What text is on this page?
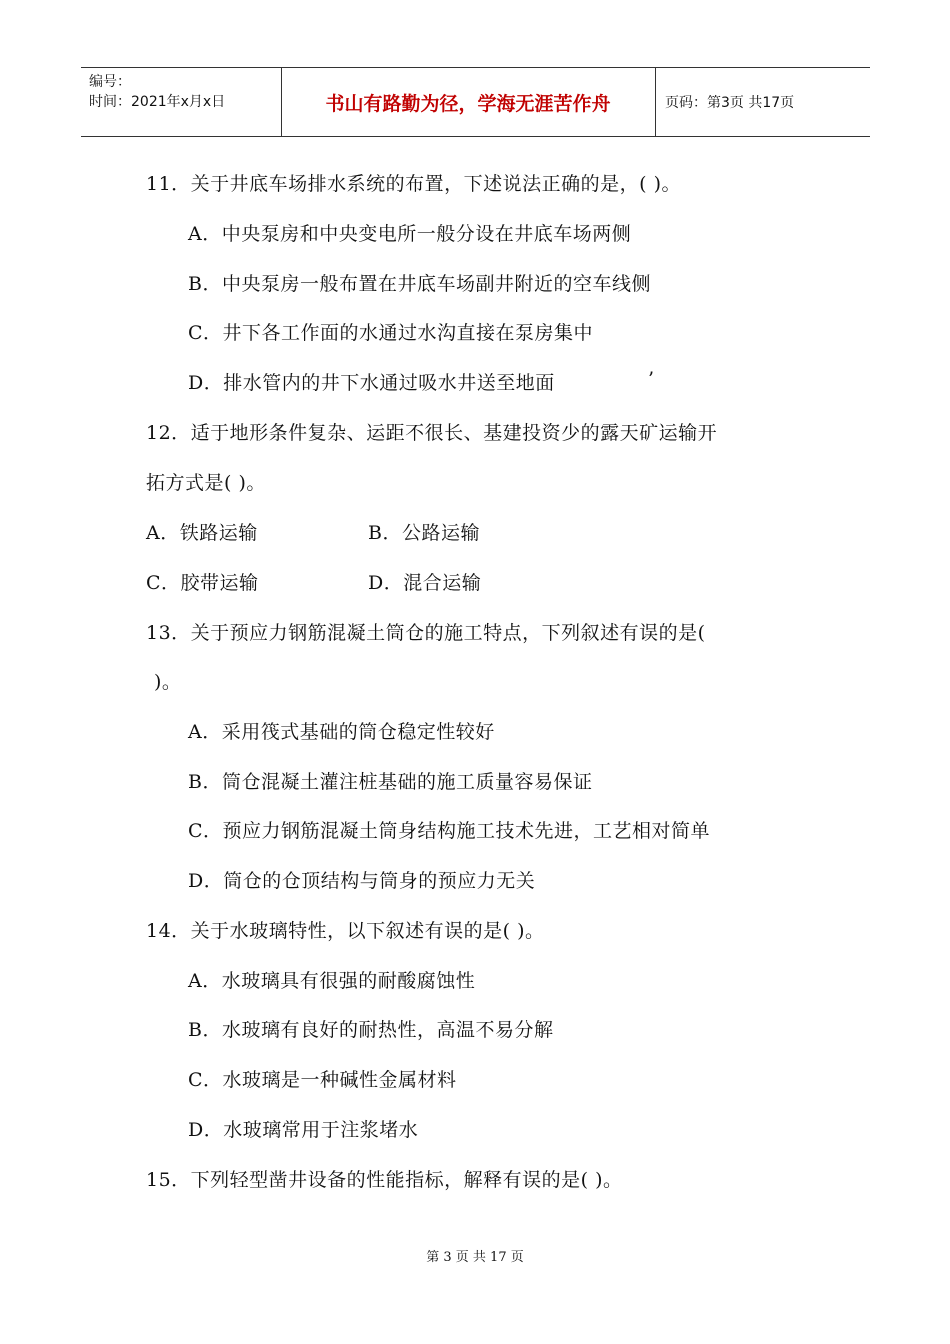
编号：
时间：2021年x月x日	书山有路勤为径，学海无涯苦作舟	页码：第3页 共17页
11．关于井底车场排水系统的布置，下述说法正确的是，( )。
A．中央泵房和中央变电所一般分设在井底车场两侧
B．中央泵房一般布置在井底车场副井附近的空车线侧
C．井下各工作面的水通过水沟直接在泵房集中
D．排水管内的井下水通过吸水井送至地面	’
12．适于地形条件复杂、运距不很长、基建投资少的露天矿运输开
拓方式是( )。
A．铁路运输	B．公路运输
C．胶带运输	D．混合运输
13．关于预应力钢筋混凝土筒仓的施工特点，下列叙述有误的是(
)。
A．采用筏式基础的筒仓稳定性较好
B．筒仓混凝土灌注桩基础的施工质量容易保证
C．预应力钢筋混凝土筒身结构施工技术先进，工艺相对简单
D．筒仓的仓顶结构与筒身的预应力无关
14．关于水玻璃特性，以下叙述有误的是( )。
A．水玻璃具有很强的耐酸腐蚀性
B．水玻璃有良好的耐热性，高温不易分解
C．水玻璃是一种碱性金属材料
D．水玻璃常用于注浆堵水
15．下列轻型凿井设备的性能指标，解释有误的是( )。
第 3 页 共 17 页
